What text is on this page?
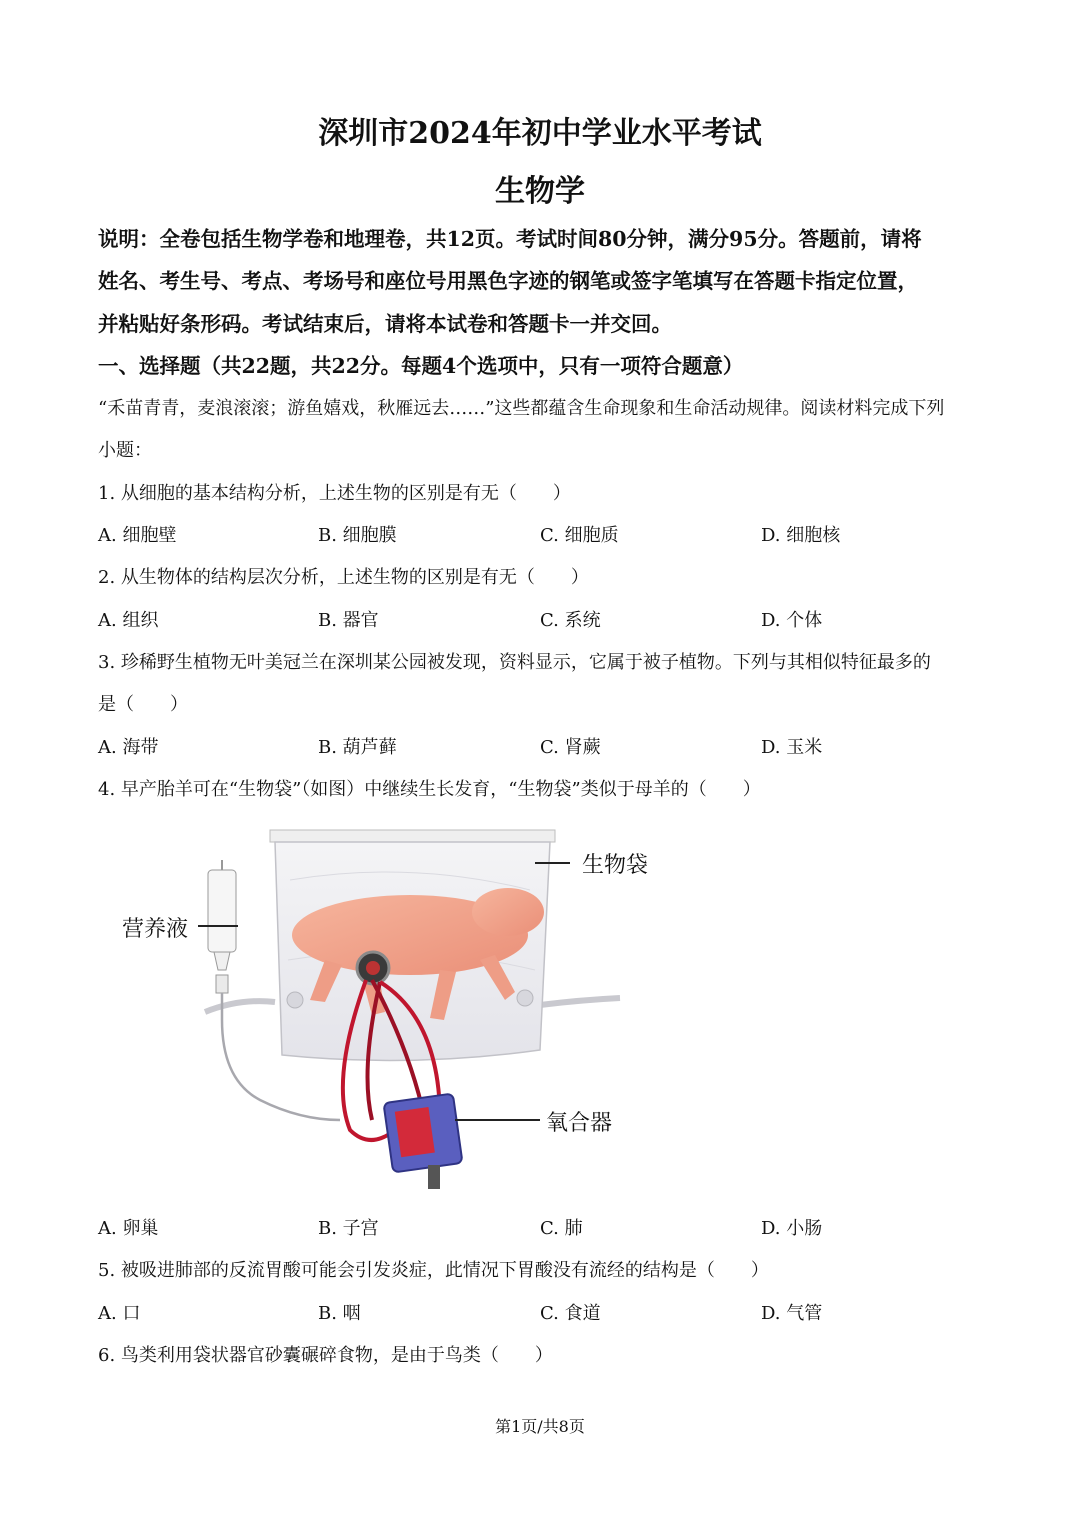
深圳市2024年初中学业水平考试
生物学
说明：全卷包括生物学卷和地理卷，共12页。考试时间80分钟，满分95分。答题前，请将
姓名、考生号、考点、考场号和座位号用黑色字迹的钢笔或签字笔填写在答题卡指定位置，
并粘贴好条形码。考试结束后，请将本试卷和答题卡一并交回。
一、选择题（共22题，共22分。每题4个选项中，只有一项符合题意）
“禾苗青青，麦浪滚滚；游鱼嬉戏，秋雁远去……”这些都蕴含生命现象和生命活动规律。阅读材料完成下列
小题：
1. 从细胞的基本结构分析，上述生物的区别是有无（　　）
A. 细胞壁	B. 细胞膜	C. 细胞质	D. 细胞核
2. 从生物体的结构层次分析，上述生物的区别是有无（　　）
A. 组织	B. 器官	C. 系统	D. 个体
3. 珍稀野生植物无叶美冠兰在深圳某公园被发现，资料显示，它属于被子植物。下列与其相似特征最多的
是（　　）
A. 海带	B. 葫芦藓	C. 肾蕨	D. 玉米
4. 早产胎羊可在“生物袋”（如图）中继续生长发育，“生物袋”类似于母羊的（　　）
生物袋
营养液
氧合器
A. 卵巢	B. 子宫	C. 肺	D. 小肠
5. 被吸进肺部的反流胃酸可能会引发炎症，此情况下胃酸没有流经的结构是（　　）
A. 口	B. 咽	C. 食道	D. 气管
6. 鸟类利用袋状器官砂囊碾碎食物，是由于鸟类（　　）
第1页/共8页
